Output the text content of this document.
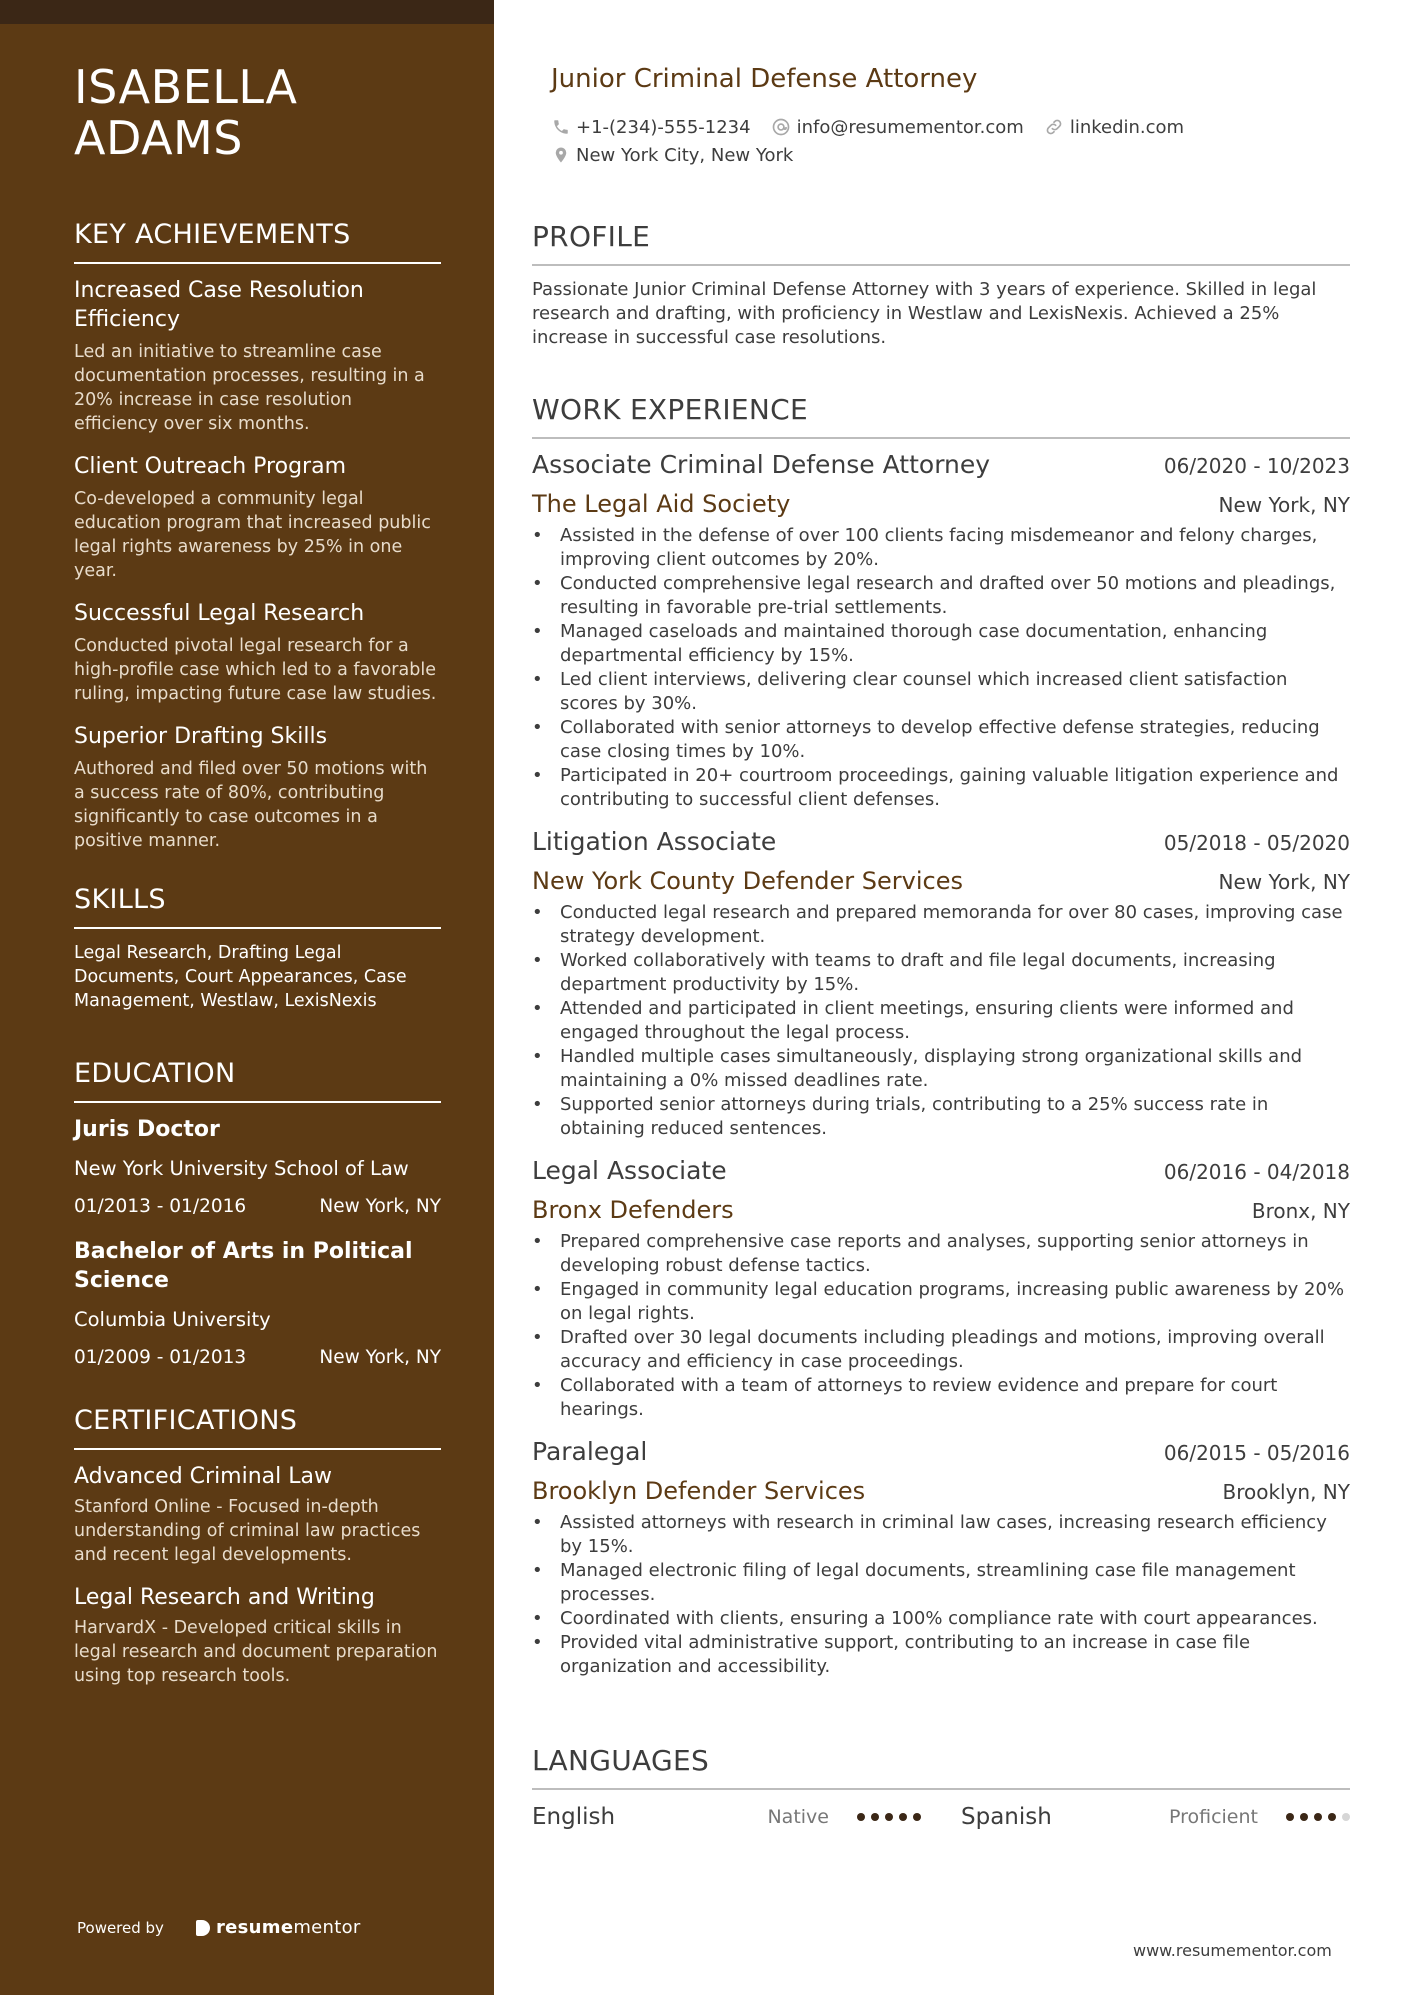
ISABELLA
ADAMS
KEY ACHIEVEMENTS
Increased Case Resolution Efficiency
Led an initiative to streamline case documentation processes, resulting in a 20% increase in case resolution efficiency over six months.
Client Outreach Program
Co-developed a community legal education program that increased public legal rights awareness by 25% in one year.
Successful Legal Research
Conducted pivotal legal research for a high-profile case which led to a favorable ruling, impacting future case law studies.
Superior Drafting Skills
Authored and filed over 50 motions with a success rate of 80%, contributing significantly to case outcomes in a positive manner.
SKILLS
Legal Research, Drafting Legal Documents, Court Appearances, Case Management, Westlaw, LexisNexis
EDUCATION
Juris Doctor
New York University School of Law
01/2013 - 01/2016	New York, NY
Bachelor of Arts in Political Science
Columbia University
01/2009 - 01/2013	New York, NY
CERTIFICATIONS
Advanced Criminal Law
Stanford Online - Focused in-depth understanding of criminal law practices and recent legal developments.
Legal Research and Writing
HarvardX - Developed critical skills in legal research and document preparation using top research tools.
Powered by	resume mentor
Junior Criminal Defense Attorney
+1-(234)-555-1234	info@resumementor.com	linkedin.com
New York City, New York
PROFILE
Passionate Junior Criminal Defense Attorney with 3 years of experience. Skilled in legal research and drafting, with proficiency in Westlaw and LexisNexis. Achieved a 25% increase in successful case resolutions.
WORK EXPERIENCE
Associate Criminal Defense Attorney	06/2020 - 10/2023
The Legal Aid Society	New York, NY
• Assisted in the defense of over 100 clients facing misdemeanor and felony charges, improving client outcomes by 20%.
• Conducted comprehensive legal research and drafted over 50 motions and pleadings, resulting in favorable pre-trial settlements.
• Managed caseloads and maintained thorough case documentation, enhancing departmental efficiency by 15%.
• Led client interviews, delivering clear counsel which increased client satisfaction scores by 30%.
• Collaborated with senior attorneys to develop effective defense strategies, reducing case closing times by 10%.
• Participated in 20+ courtroom proceedings, gaining valuable litigation experience and contributing to successful client defenses.
Litigation Associate	05/2018 - 05/2020
New York County Defender Services	New York, NY
• Conducted legal research and prepared memoranda for over 80 cases, improving case strategy development.
• Worked collaboratively with teams to draft and file legal documents, increasing department productivity by 15%.
• Attended and participated in client meetings, ensuring clients were informed and engaged throughout the legal process.
• Handled multiple cases simultaneously, displaying strong organizational skills and maintaining a 0% missed deadlines rate.
• Supported senior attorneys during trials, contributing to a 25% success rate in obtaining reduced sentences.
Legal Associate	06/2016 - 04/2018
Bronx Defenders	Bronx, NY
• Prepared comprehensive case reports and analyses, supporting senior attorneys in developing robust defense tactics.
• Engaged in community legal education programs, increasing public awareness by 20% on legal rights.
• Drafted over 30 legal documents including pleadings and motions, improving overall accuracy and efficiency in case proceedings.
• Collaborated with a team of attorneys to review evidence and prepare for court hearings.
Paralegal	06/2015 - 05/2016
Brooklyn Defender Services	Brooklyn, NY
• Assisted attorneys with research in criminal law cases, increasing research efficiency by 15%.
• Managed electronic filing of legal documents, streamlining case file management processes.
• Coordinated with clients, ensuring a 100% compliance rate with court appearances.
• Provided vital administrative support, contributing to an increase in case file organization and accessibility.
LANGUAGES
English	Native	Spanish	Proficient
www.resumementor.com
